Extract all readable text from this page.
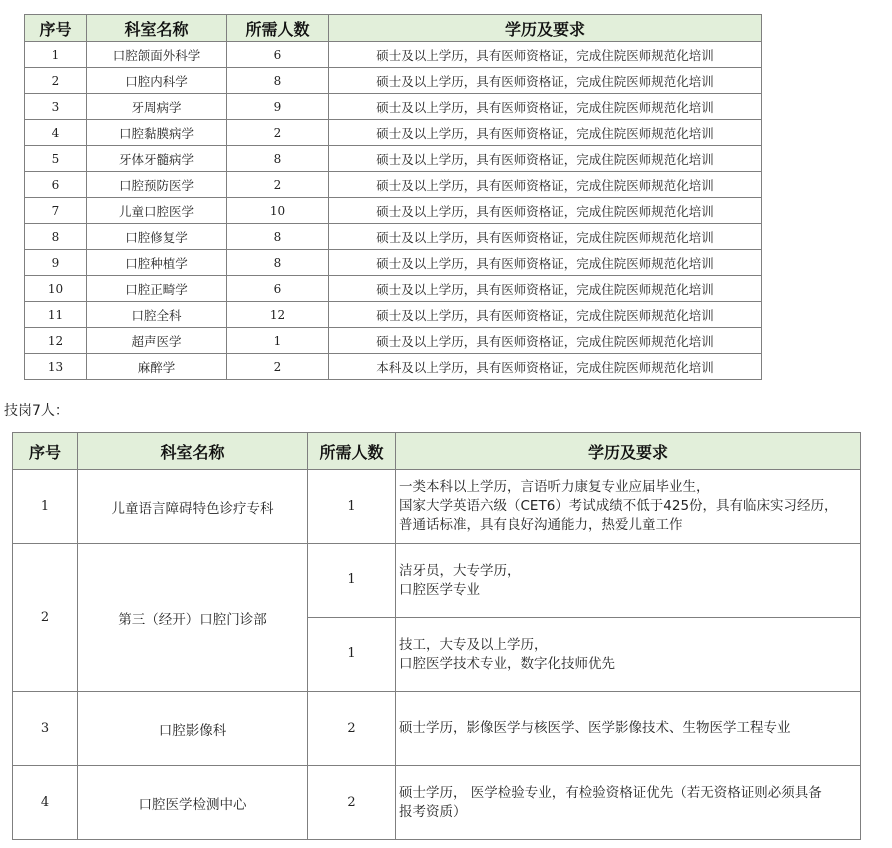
序号	科室名称	所需人数	学历及要求
1	口腔颌面外科学	6	硕士及以上学历，具有医师资格证，完成住院医师规范化培训
2	口腔内科学	8	硕士及以上学历，具有医师资格证，完成住院医师规范化培训
3	牙周病学	9	硕士及以上学历，具有医师资格证，完成住院医师规范化培训
4	口腔黏膜病学	2	硕士及以上学历，具有医师资格证，完成住院医师规范化培训
5	牙体牙髓病学	8	硕士及以上学历，具有医师资格证，完成住院医师规范化培训
6	口腔预防医学	2	硕士及以上学历，具有医师资格证，完成住院医师规范化培训
7	儿童口腔医学	10	硕士及以上学历，具有医师资格证，完成住院医师规范化培训
8	口腔修复学	8	硕士及以上学历，具有医师资格证，完成住院医师规范化培训
9	口腔种植学	8	硕士及以上学历，具有医师资格证，完成住院医师规范化培训
10	口腔正畸学	6	硕士及以上学历，具有医师资格证，完成住院医师规范化培训
11	口腔全科	12	硕士及以上学历，具有医师资格证，完成住院医师规范化培训
12	超声医学	1	硕士及以上学历，具有医师资格证，完成住院医师规范化培训
13	麻醉学	2	本科及以上学历，具有医师资格证，完成住院医师规范化培训
技岗7人：
序号	科室名称	所需人数	学历及要求
1	儿童语言障碍特色诊疗专科	1	一类本科以上学历，言语听力康复专业应届毕业生，
国家大学英语六级（CET6）考试成绩不低于425份，具有临床实习经历，
普通话标准，具有良好沟通能力，热爱儿童工作

2	第三（经开）口腔门诊部	1	洁牙员，大专学历，
口腔医学专业

		1	技工，大专及以上学历，
口腔医学技术专业，数字化技师优先

3	口腔影像科	2	硕士学历，影像医学与核医学、医学影像技术、生物医学工程专业

4	口腔医学检测中心	2	硕士学历， 医学检验专业，有检验资格证优先（若无资格证则必须具备
报考资质）
